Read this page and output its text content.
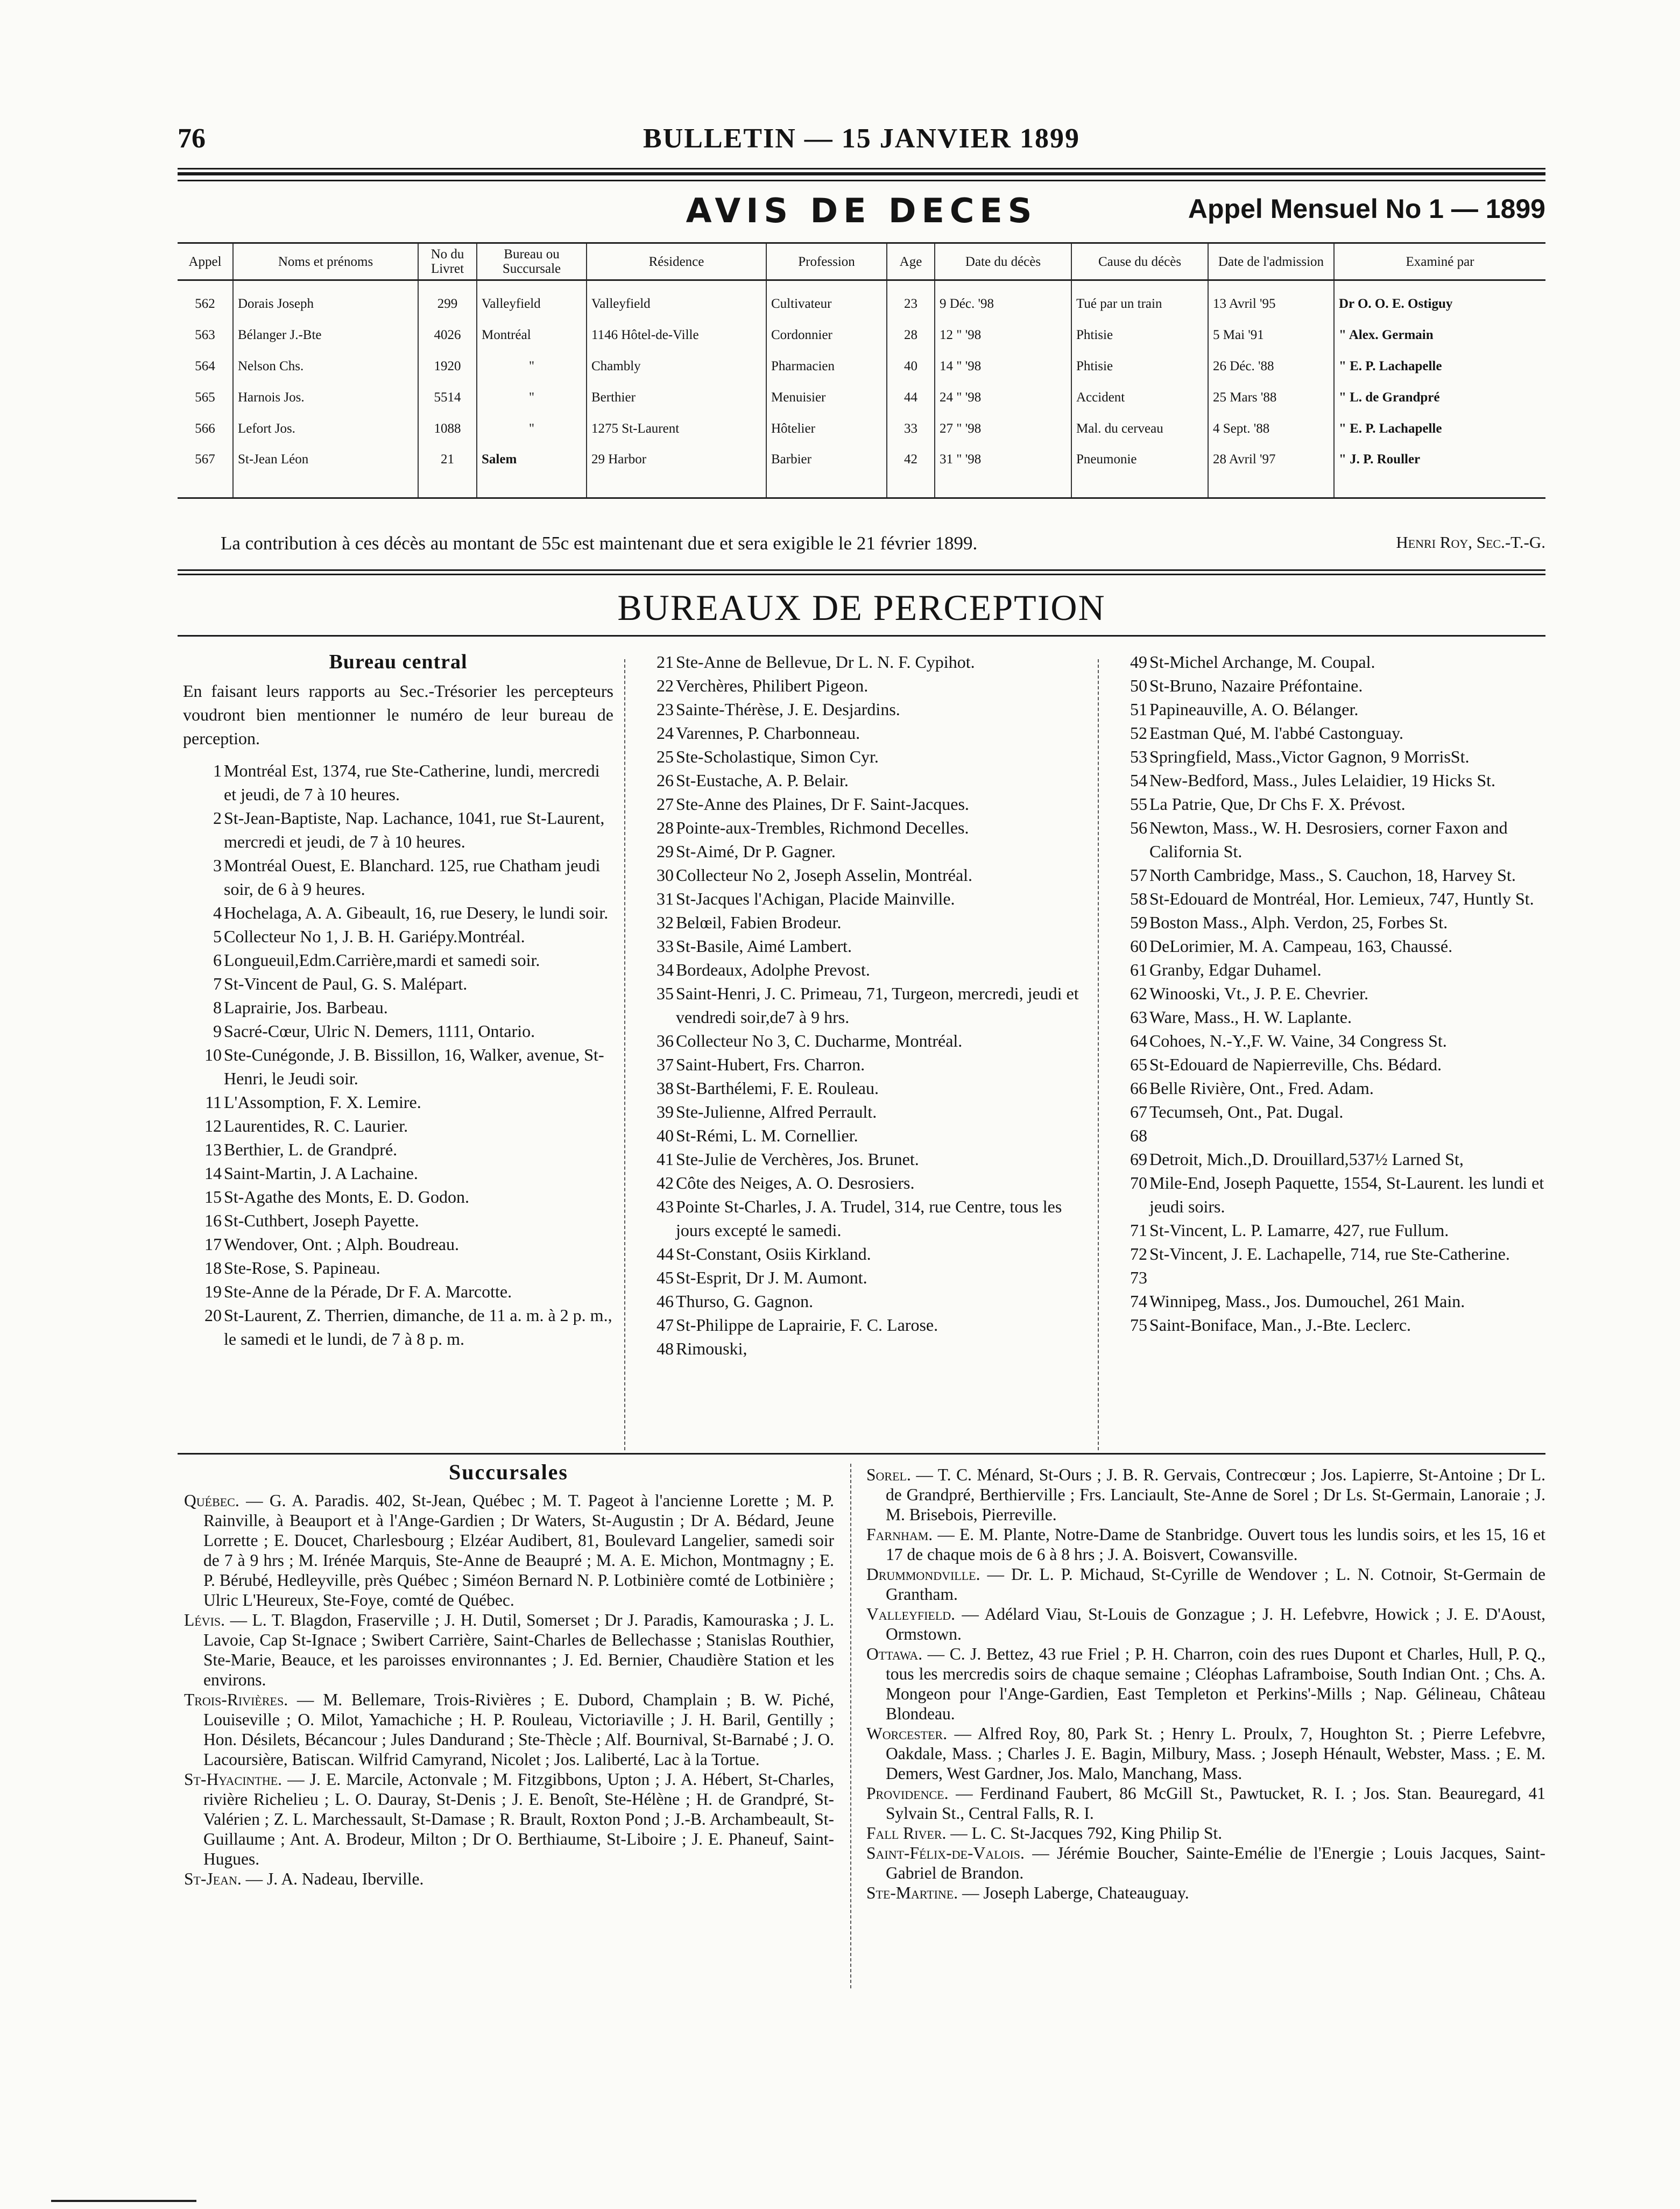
76	BULLETIN — 15 JANVIER 1899
AVIS DE DECES	Appel Mensuel No 1 — 1899
Appel	Noms et prénoms	No du Livret	Bureau ou Succursale	Résidence	Profession	Age	Date du décès	Cause du décès	Date de l'admission	Examiné par
562	Dorais Joseph	299	Valleyfield	Valleyfield	Cultivateur	23	9 Déc. '98	Tué par un train	13 Avril '95	Dr O. O. E. Ostiguy
563	Bélanger J.-Bte	4026	Montréal	1146 Hôtel-de-Ville	Cordonnier	28	12 " '98	Phtisie	5 Mai '91	" Alex. Germain
564	Nelson Chs.	1920	"	Chambly	Pharmacien	40	14 " '98	Phtisie	26 Déc. '88	" E. P. Lachapelle
565	Harnois Jos.	5514	"	Berthier	Menuisier	44	24 " '98	Accident	25 Mars '88	" L. de Grandpré
566	Lefort Jos.	1088	"	1275 St-Laurent	Hôtelier	33	27 " '98	Mal. du cerveau	4 Sept. '88	" E. P. Lachapelle
567	St-Jean Léon	21	Salem	29 Harbor	Barbier	42	31 " '98	Pneumonie	28 Avril '97	" J. P. Rouller
La contribution à ces décès au montant de 55c est maintenant due et sera exigible le 21 février 1899.	Henri Roy, Sec.-T.-G.
BUREAUX DE PERCEPTION
Bureau central
En faisant leurs rapports au Sec.-Trésorier les percepteurs voudront bien mentionner le numéro de leur bureau de perception.
1 Montréal Est, 1374, rue Ste-Catherine, lundi, mercredi et jeudi, de 7 à 10 heures.
2 St-Jean-Baptiste, Nap. Lachance, 1041, rue St-Laurent, mercredi et jeudi, de 7 à 10 heures.
3 Montréal Ouest, E. Blanchard. 125, rue Chatham jeudi soir, de 6 à 9 heures.
4 Hochelaga, A. A. Gibeault, 16, rue Desery, le lundi soir.
5 Collecteur No 1, J. B. H. Gariépy.Montréal.
6 Longueuil,Edm.Carrière,mardi et samedi soir.
7 St-Vincent de Paul, G. S. Malépart.
8 Laprairie, Jos. Barbeau.
9 Sacré-Cœur, Ulric N. Demers, 1111, Ontario.
10 Ste-Cunégonde, J. B. Bissillon, 16, Walker, avenue, St-Henri, le Jeudi soir.
11 L'Assomption, F. X. Lemire.
12 Laurentides, R. C. Laurier.
13 Berthier, L. de Grandpré.
14 Saint-Martin, J. A Lachaine.
15 St-Agathe des Monts, E. D. Godon.
16 St-Cuthbert, Joseph Payette.
17 Wendover, Ont. ; Alph. Boudreau.
18 Ste-Rose, S. Papineau.
19 Ste-Anne de la Pérade, Dr F. A. Marcotte.
20 St-Laurent, Z. Therrien, dimanche, de 11 a. m. à 2 p. m., le samedi et le lundi, de 7 à 8 p. m.
21 Ste-Anne de Bellevue, Dr L. N. F. Cypihot.
22 Verchères, Philibert Pigeon.
23 Sainte-Thérèse, J. E. Desjardins.
24 Varennes, P. Charbonneau.
25 Ste-Scholastique, Simon Cyr.
26 St-Eustache, A. P. Belair.
27 Ste-Anne des Plaines, Dr F. Saint-Jacques.
28 Pointe-aux-Trembles, Richmond Decelles.
29 St-Aimé, Dr P. Gagner.
30 Collecteur No 2, Joseph Asselin, Montréal.
31 St-Jacques l'Achigan, Placide Mainville.
32 Belœil, Fabien Brodeur.
33 St-Basile, Aimé Lambert.
34 Bordeaux, Adolphe Prevost.
35 Saint-Henri, J. C. Primeau, 71, Turgeon, mercredi, jeudi et vendredi soir,de7 à 9 hrs.
36 Collecteur No 3, C. Ducharme, Montréal.
37 Saint-Hubert, Frs. Charron.
38 St-Barthélemi, F. E. Rouleau.
39 Ste-Julienne, Alfred Perrault.
40 St-Rémi, L. M. Cornellier.
41 Ste-Julie de Verchères, Jos. Brunet.
42 Côte des Neiges, A. O. Desrosiers.
43 Pointe St-Charles, J. A. Trudel, 314, rue Centre, tous les jours excepté le samedi.
44 St-Constant, Osiis Kirkland.
45 St-Esprit, Dr J. M. Aumont.
46 Thurso, G. Gagnon.
47 St-Philippe de Laprairie, F. C. Larose.
48 Rimouski,
49 St-Michel Archange, M. Coupal.
50 St-Bruno, Nazaire Préfontaine.
51 Papineauville, A. O. Bélanger.
52 Eastman Qué, M. l'abbé Castonguay.
53 Springfield, Mass.,Victor Gagnon, 9 MorrisSt.
54 New-Bedford, Mass., Jules Lelaidier, 19 Hicks St.
55 La Patrie, Que, Dr Chs F. X. Prévost.
56 Newton, Mass., W. H. Desrosiers, corner Faxon and California St.
57 North Cambridge, Mass., S. Cauchon, 18, Harvey St.
58 St-Edouard de Montréal, Hor. Lemieux, 747, Huntly St.
59 Boston Mass., Alph. Verdon, 25, Forbes St.
60 DeLorimier, M. A. Campeau, 163, Chaussé.
61 Granby, Edgar Duhamel.
62 Winooski, Vt., J. P. E. Chevrier.
63 Ware, Mass., H. W. Laplante.
64 Cohoes, N.-Y.,F. W. Vaine, 34 Congress St.
65 St-Edouard de Napierreville, Chs. Bédard.
66 Belle Rivière, Ont., Fred. Adam.
67 Tecumseh, Ont., Pat. Dugal.
68
69 Detroit, Mich.,D. Drouillard,537½ Larned St,
70 Mile-End, Joseph Paquette, 1554, St-Laurent. les lundi et jeudi soirs.
71 St-Vincent, L. P. Lamarre, 427, rue Fullum.
72 St-Vincent, J. E. Lachapelle, 714, rue Ste-Catherine.
73
74 Winnipeg, Mass., Jos. Dumouchel, 261 Main.
75 Saint-Boniface, Man., J.-Bte. Leclerc.
Succursales
Québec. — G. A. Paradis. 402, St-Jean, Québec ; M. T. Pageot à l'ancienne Lorette ; M. P. Rainville, à Beauport et à l'Ange-Gardien ; Dr Waters, St-Augustin ; Dr A. Bédard, Jeune Lorrette ; E. Doucet, Charlesbourg ; Elzéar Audibert, 81, Boulevard Langelier, samedi soir de 7 à 9 hrs ; M. Irénée Marquis, Ste-Anne de Beaupré ; M. A. E. Michon, Montmagny ; E. P. Bérubé, Hedleyville, près Québec ; Siméon Bernard N. P. Lotbinière comté de Lotbinière ; Ulric L'Heureux, Ste-Foye, comté de Québec.
Lévis. — L. T. Blagdon, Fraserville ; J. H. Dutil, Somerset ; Dr J. Paradis, Kamouraska ; J. L. Lavoie, Cap St-Ignace ; Swibert Carrière, Saint-Charles de Bellechasse ; Stanislas Routhier, Ste-Marie, Beauce, et les paroisses environnantes ; J. Ed. Bernier, Chaudière Station et les environs.
Trois-Rivières. — M. Bellemare, Trois-Rivières ; E. Dubord, Champlain ; B. W. Piché, Louiseville ; O. Milot, Yamachiche ; H. P. Rouleau, Victoriaville ; J. H. Baril, Gentilly ; Hon. Désilets, Bécancour ; Jules Dandurand ; Ste-Thècle ; Alf. Bournival, St-Barnabé ; J. O. Lacoursière, Batiscan. Wilfrid Camyrand, Nicolet ; Jos. Laliberté, Lac à la Tortue.
St-Hyacinthe. — J. E. Marcile, Actonvale ; M. Fitzgibbons, Upton ; J. A. Hébert, St-Charles, rivière Richelieu ; L. O. Dauray, St-Denis ; J. E. Benoît, Ste-Hélène ; H. de Grandpré, St-Valérien ; Z. L. Marchessault, St-Damase ; R. Brault, Roxton Pond ; J.-B. Archambeault, St-Guillaume ; Ant. A. Brodeur, Milton ; Dr O. Berthiaume, St-Liboire ; J. E. Phaneuf, Saint-Hugues.
St-Jean. — J. A. Nadeau, Iberville.
Sorel. — T. C. Ménard, St-Ours ; J. B. R. Gervais, Contrecœur ; Jos. Lapierre, St-Antoine ; Dr L. de Grandpré, Berthierville ; Frs. Lanciault, Ste-Anne de Sorel ; Dr Ls. St-Germain, Lanoraie ; J. M. Brisebois, Pierreville.
Farnham. — E. M. Plante, Notre-Dame de Stanbridge. Ouvert tous les lundis soirs, et les 15, 16 et 17 de chaque mois de 6 à 8 hrs ; J. A. Boisvert, Cowansville.
Drummondville. — Dr. L. P. Michaud, St-Cyrille de Wendover ; L. N. Cotnoir, St-Germain de Grantham.
Valleyfield. — Adélard Viau, St-Louis de Gonzague ; J. H. Lefebvre, Howick ; J. E. D'Aoust, Ormstown.
Ottawa. — C. J. Bettez, 43 rue Friel ; P. H. Charron, coin des rues Dupont et Charles, Hull, P. Q., tous les mercredis soirs de chaque semaine ; Cléophas Laframboise, South Indian Ont. ; Chs. A. Mongeon pour l'Ange-Gardien, East Templeton et Perkins'-Mills ; Nap. Gélineau, Château Blondeau.
Worcester. — Alfred Roy, 80, Park St. ; Henry L. Proulx, 7, Houghton St. ; Pierre Lefebvre, Oakdale, Mass. ; Charles J. E. Bagin, Milbury, Mass. ; Joseph Hénault, Webster, Mass. ; E. M. Demers, West Gardner, Jos. Malo, Manchang, Mass.
Providence. — Ferdinand Faubert, 86 McGill St., Pawtucket, R. I. ; Jos. Stan. Beauregard, 41 Sylvain St., Central Falls, R. I.
Fall River. — L. C. St-Jacques 792, King Philip St.
Saint-Félix-de-Valois. — Jérémie Boucher, Sainte-Emélie de l'Energie ; Louis Jacques, Saint-Gabriel de Brandon.
Ste-Martine. — Joseph Laberge, Chateauguay.
